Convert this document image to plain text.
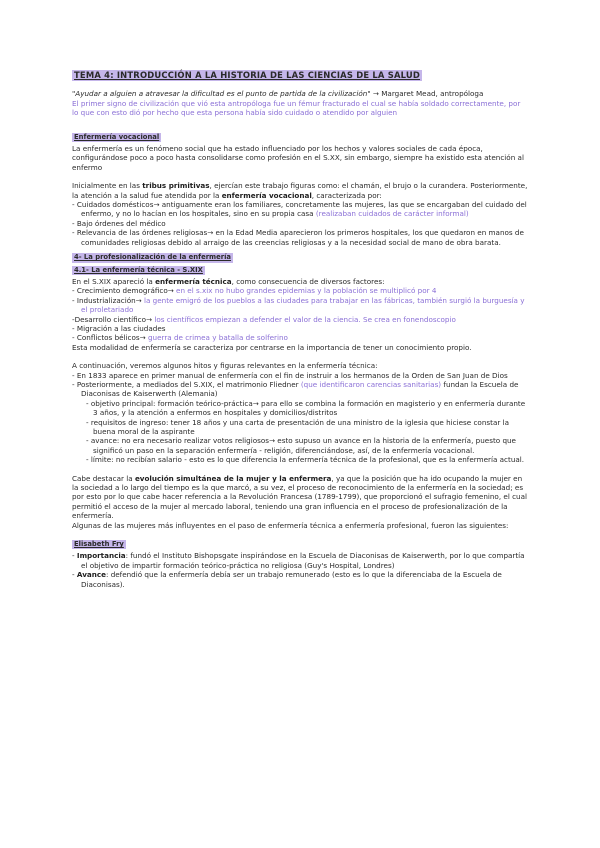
TEMA 4: INTRODUCCIÓN A LA HISTORIA DE LAS CIENCIAS DE LA SALUD

"Ayudar a alguien a atravesar la dificultad es el punto de partida de la civilización" → Margaret Mead, antropóloga

El primer signo de civilización que vió esta antropóloga fue un fémur fracturado el cual se había soldado correctamente, por lo que con esto dió por hecho que esta persona había sido cuidado o atendido por alguien

Enfermería vocacional

La enfermería es un fenómeno social que ha estado influenciado por los hechos y valores sociales de cada época, configurándose poco a poco hasta consolidarse como profesión en el S.XX, sin embargo, siempre ha existido esta atención al enfermo

Inicialmente en las tribus primitivas, ejercían este trabajo figuras como: el chamán, el brujo o la curandera. Posteriormente, la atención a la salud fue atendida por la enfermería vocacional, caracterizada por:

- Cuidados domésticos→ antiguamente eran los familiares, concretamente las mujeres, las que se encargaban del cuidado del enfermo, y no lo hacían en los hospitales, sino en su propia casa (realizaban cuidados de carácter informal)

- Bajo órdenes del médico

- Relevancia de las órdenes religiosas→ en la Edad Media aparecieron los primeros hospitales, los que quedaron en manos de comunidades religiosas debido al arraigo de las creencias religiosas y a la necesidad social de mano de obra barata.

4- La profesionalización de la enfermería
4.1- La enfermería técnica - S.XIX

En el S.XIX apareció la enfermería técnica, como consecuencia de diversos factores:

- Crecimiento demográfico→ en el s.xix no hubo grandes epidemias y la población se multiplicó por 4

- Industrialización→ la gente emigró de los pueblos a las ciudades para trabajar en las fábricas, también surgió la burguesía y el proletariado

-Desarrollo científico→ los científicos empiezan a defender el valor de la ciencia. Se crea en fonendoscopio

- Migración a las ciudades

- Conflictos bélicos→ guerra de crimea y batalla de solferino

Esta modalidad de enfermería se caracteriza por centrarse en la importancia de tener un conocimiento propio.

A continuación, veremos algunos hitos y figuras relevantes en la enfermería técnica:

- En 1833 aparece en primer manual de enfermería con el fin de instruir a los hermanos de la Orden de San Juan de Dios

- Posteriormente, a mediados del S.XIX, el matrimonio Fliedner (que identificaron carencias sanitarias) fundan la Escuela de Diaconisas de Kaiserwerth (Alemania)

- objetivo principal: formación teórico-práctica→ para ello se combina la formación en magisterio y en enfermería durante 3 años, y la atención a enfermos en hospitales y domicilios/distritos

- requisitos de ingreso: tener 18 años y una carta de presentación de una ministro de la iglesia que hiciese constar la buena moral de la aspirante

- avance: no era necesario realizar votos religiosos→ esto supuso un avance en la historia de la enfermería, puesto que significó un paso en la separación enfermería - religión, diferenciándose, así, de la enfermería vocacional.

- límite: no recibían salario - esto es lo que diferencia la enfermería técnica de la profesional, que es la enfermería actual.

Cabe destacar la evolución simultánea de la mujer y la enfermera, ya que la posición que ha ido ocupando la mujer en la sociedad a lo largo del tiempo es la que marcó, a su vez, el proceso de reconocimiento de la enfermería en la sociedad; es por esto por lo que cabe hacer referencia a la Revolución Francesa (1789-1799), que proporcionó el sufragio femenino, el cual permitió el acceso de la mujer al mercado laboral, teniendo una gran influencia en el proceso de profesionalización de la enfermería.

Algunas de las mujeres más influyentes en el paso de enfermería técnica a enfermería profesional, fueron las siguientes:

Elisabeth Fry

- Importancia: fundó el Instituto Bishopsgate inspirándose en la Escuela de Diaconisas de Kaiserwerth, por lo que compartía el objetivo de impartir formación teórico-práctica no religiosa (Guy's Hospital, Londres)

- Avance: defendió que la enfermería debía ser un trabajo remunerado (esto es lo que la diferenciaba de la Escuela de Diaconisas).
